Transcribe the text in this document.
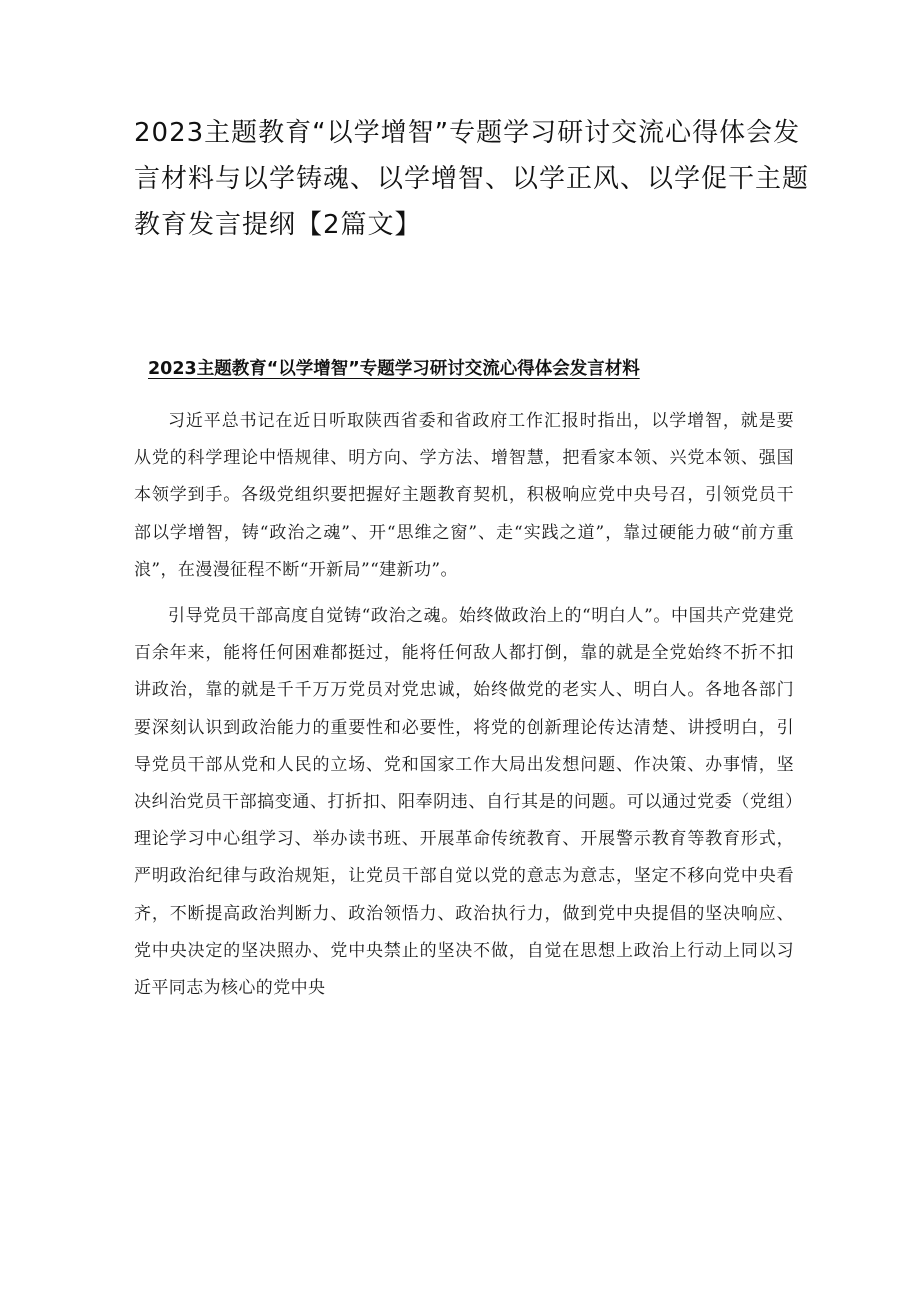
2023主题教育“以学增智”专题学习研讨交流心得体会发言材料与以学铸魂、以学增智、以学正风、以学促干主题教育发言提纲【2篇文】
2023主题教育“以学增智”专题学习研讨交流心得体会发言材料

习近平总书记在近日听取陕西省委和省政府工作汇报时指出，以学增智，就是要从党的科学理论中悟规律、明方向、学方法、增智慧，把看家本领、兴党本领、强国本领学到手。各级党组织要把握好主题教育契机，积极响应党中央号召，引领党员干部以学增智，铸“政治之魂”、开“思维之窗”、走“实践之道”，靠过硬能力破“前方重浪”，在漫漫征程不断“开新局”“建新功”。

引导党员干部高度自觉铸“政治之魂。始终做政治上的“明白人”。中国共产党建党百余年来，能将任何困难都挺过，能将任何敌人都打倒，靠的就是全党始终不折不扣讲政治，靠的就是千千万万党员对党忠诚，始终做党的老实人、明白人。各地各部门要深刻认识到政治能力的重要性和必要性，将党的创新理论传达清楚、讲授明白，引导党员干部从党和人民的立场、党和国家工作大局出发想问题、作决策、办事情，坚决纠治党员干部搞变通、打折扣、阳奉阴违、自行其是的问题。可以通过党委（党组）理论学习中心组学习、举办读书班、开展革命传统教育、开展警示教育等教育形式，严明政治纪律与政治规矩，让党员干部自觉以党的意志为意志，坚定不移向党中央看齐，不断提高政治判断力、政治领悟力、政治执行力，做到党中央提倡的坚决响应、党中央决定的坚决照办、党中央禁止的坚决不做，自觉在思想上政治上行动上同以习近平同志为核心的党中央
